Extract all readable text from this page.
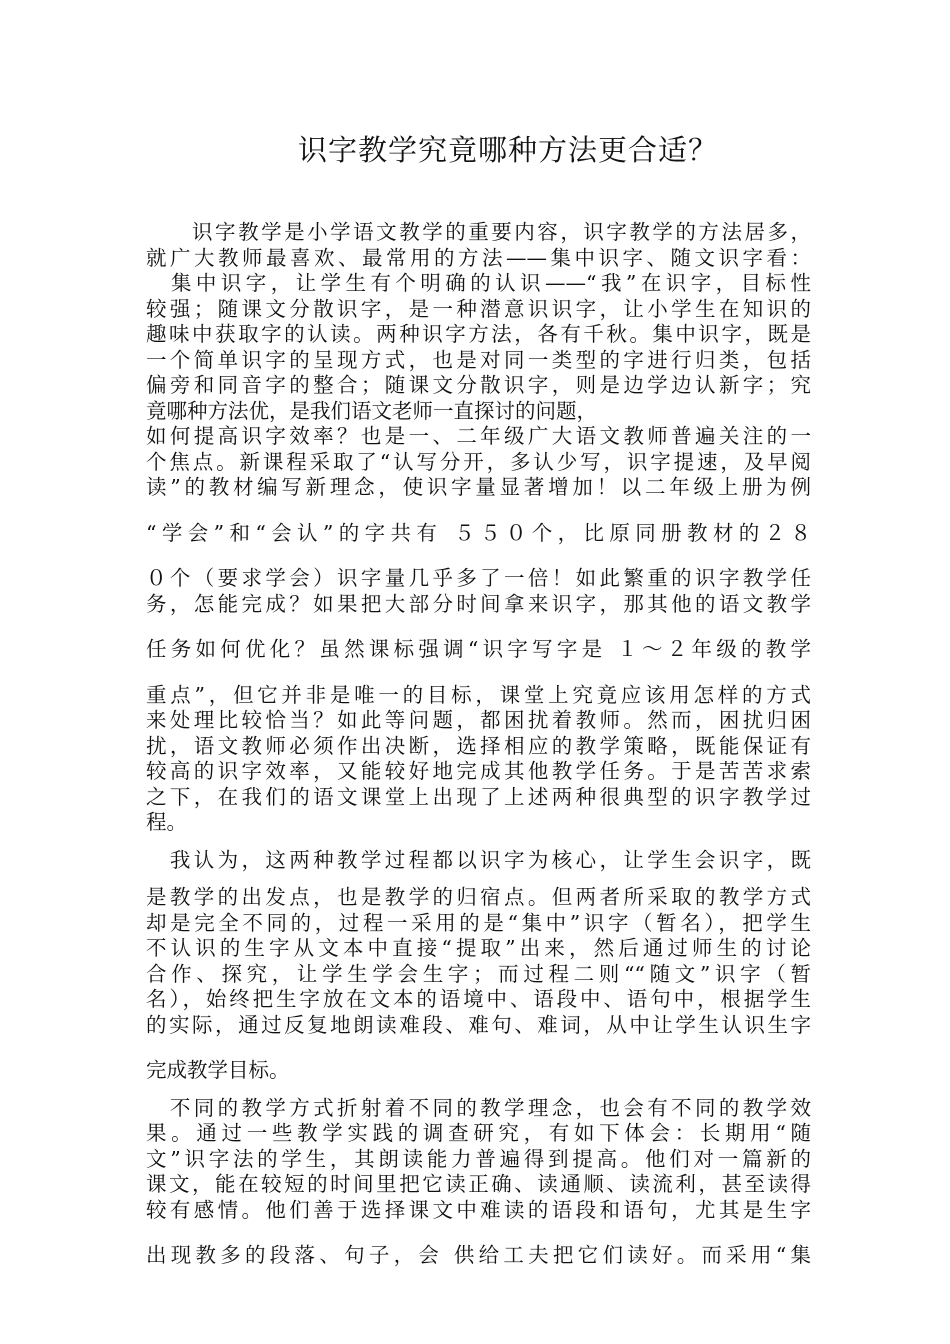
识字教学究竟哪种方法更合适？
　　识字教学是小学语文教学的重要内容，识字教学的方法居多，
就广大教师最喜欢、最常用的方法——集中识字、随文识字看：
　集中识字，让学生有个明确的认识——“我”在识字，目标性
较强；随课文分散识字，是一种潜意识识字，让小学生在知识的
趣味中获取字的认读。两种识字方法，各有千秋。集中识字，既是
一个简单识字的呈现方式，也是对同一类型的字进行归类，包括
偏旁和同音字的整合；随课文分散识字，则是边学边认新字；究
竟哪种方法优，是我们语文老师一直探讨的问题，
如何提高识字效率？也是一、二年级广大语文教师普遍关注的一
个焦点。新课程采取了“认写分开，多认少写，识字提速，及早阅
读”的教材编写新理念，使识字量显著增加！以二年级上册为例
“学会”和“会认”的字共有 ５５０个，比原同册教材的２８
０个（要求学会）识字量几乎多了一倍！如此繁重的识字教学任
务，怎能完成？如果把大部分时间拿来识字，那其他的语文教学
任务如何优化？虽然课标强调“识字写字是 １～２年级的教学
重点”，但它并非是唯一的目标，课堂上究竟应该用怎样的方式
来处理比较恰当？如此等问题，都困扰着教师。然而，困扰归困
扰，语文教师必须作出决断，选择相应的教学策略，既能保证有
较高的识字效率，又能较好地完成其他教学任务。于是苦苦求索
之下，在我们的语文课堂上出现了上述两种很典型的识字教学过
程。
　我认为，这两种教学过程都以识字为核心，让学生会识字，既
是教学的出发点，也是教学的归宿点。但两者所采取的教学方式
却是完全不同的，过程一采用的是“集中”识字（暂名），把学生
不认识的生字从文本中直接“提取”出来，然后通过师生的讨论
合作、探究，让学生学会生字；而过程二则““随文”识字（暂
名），始终把生字放在文本的语境中、语段中、语句中，根据学生
的实际，通过反复地朗读难段、难句、难词，从中让学生认识生字
完成教学目标。
　不同的教学方式折射着不同的教学理念，也会有不同的教学效
果。通过一些教学实践的调查研究，有如下体会：长期用“随
文”识字法的学生，其朗读能力普遍得到提高。他们对一篇新的
课文，能在较短的时间里把它读正确、读通顺、读流利，甚至读得
较有感情。他们善于选择课文中难读的语段和语句，尤其是生字
出现教多的段落、句子，会 供给工夫把它们读好。而采用“集
